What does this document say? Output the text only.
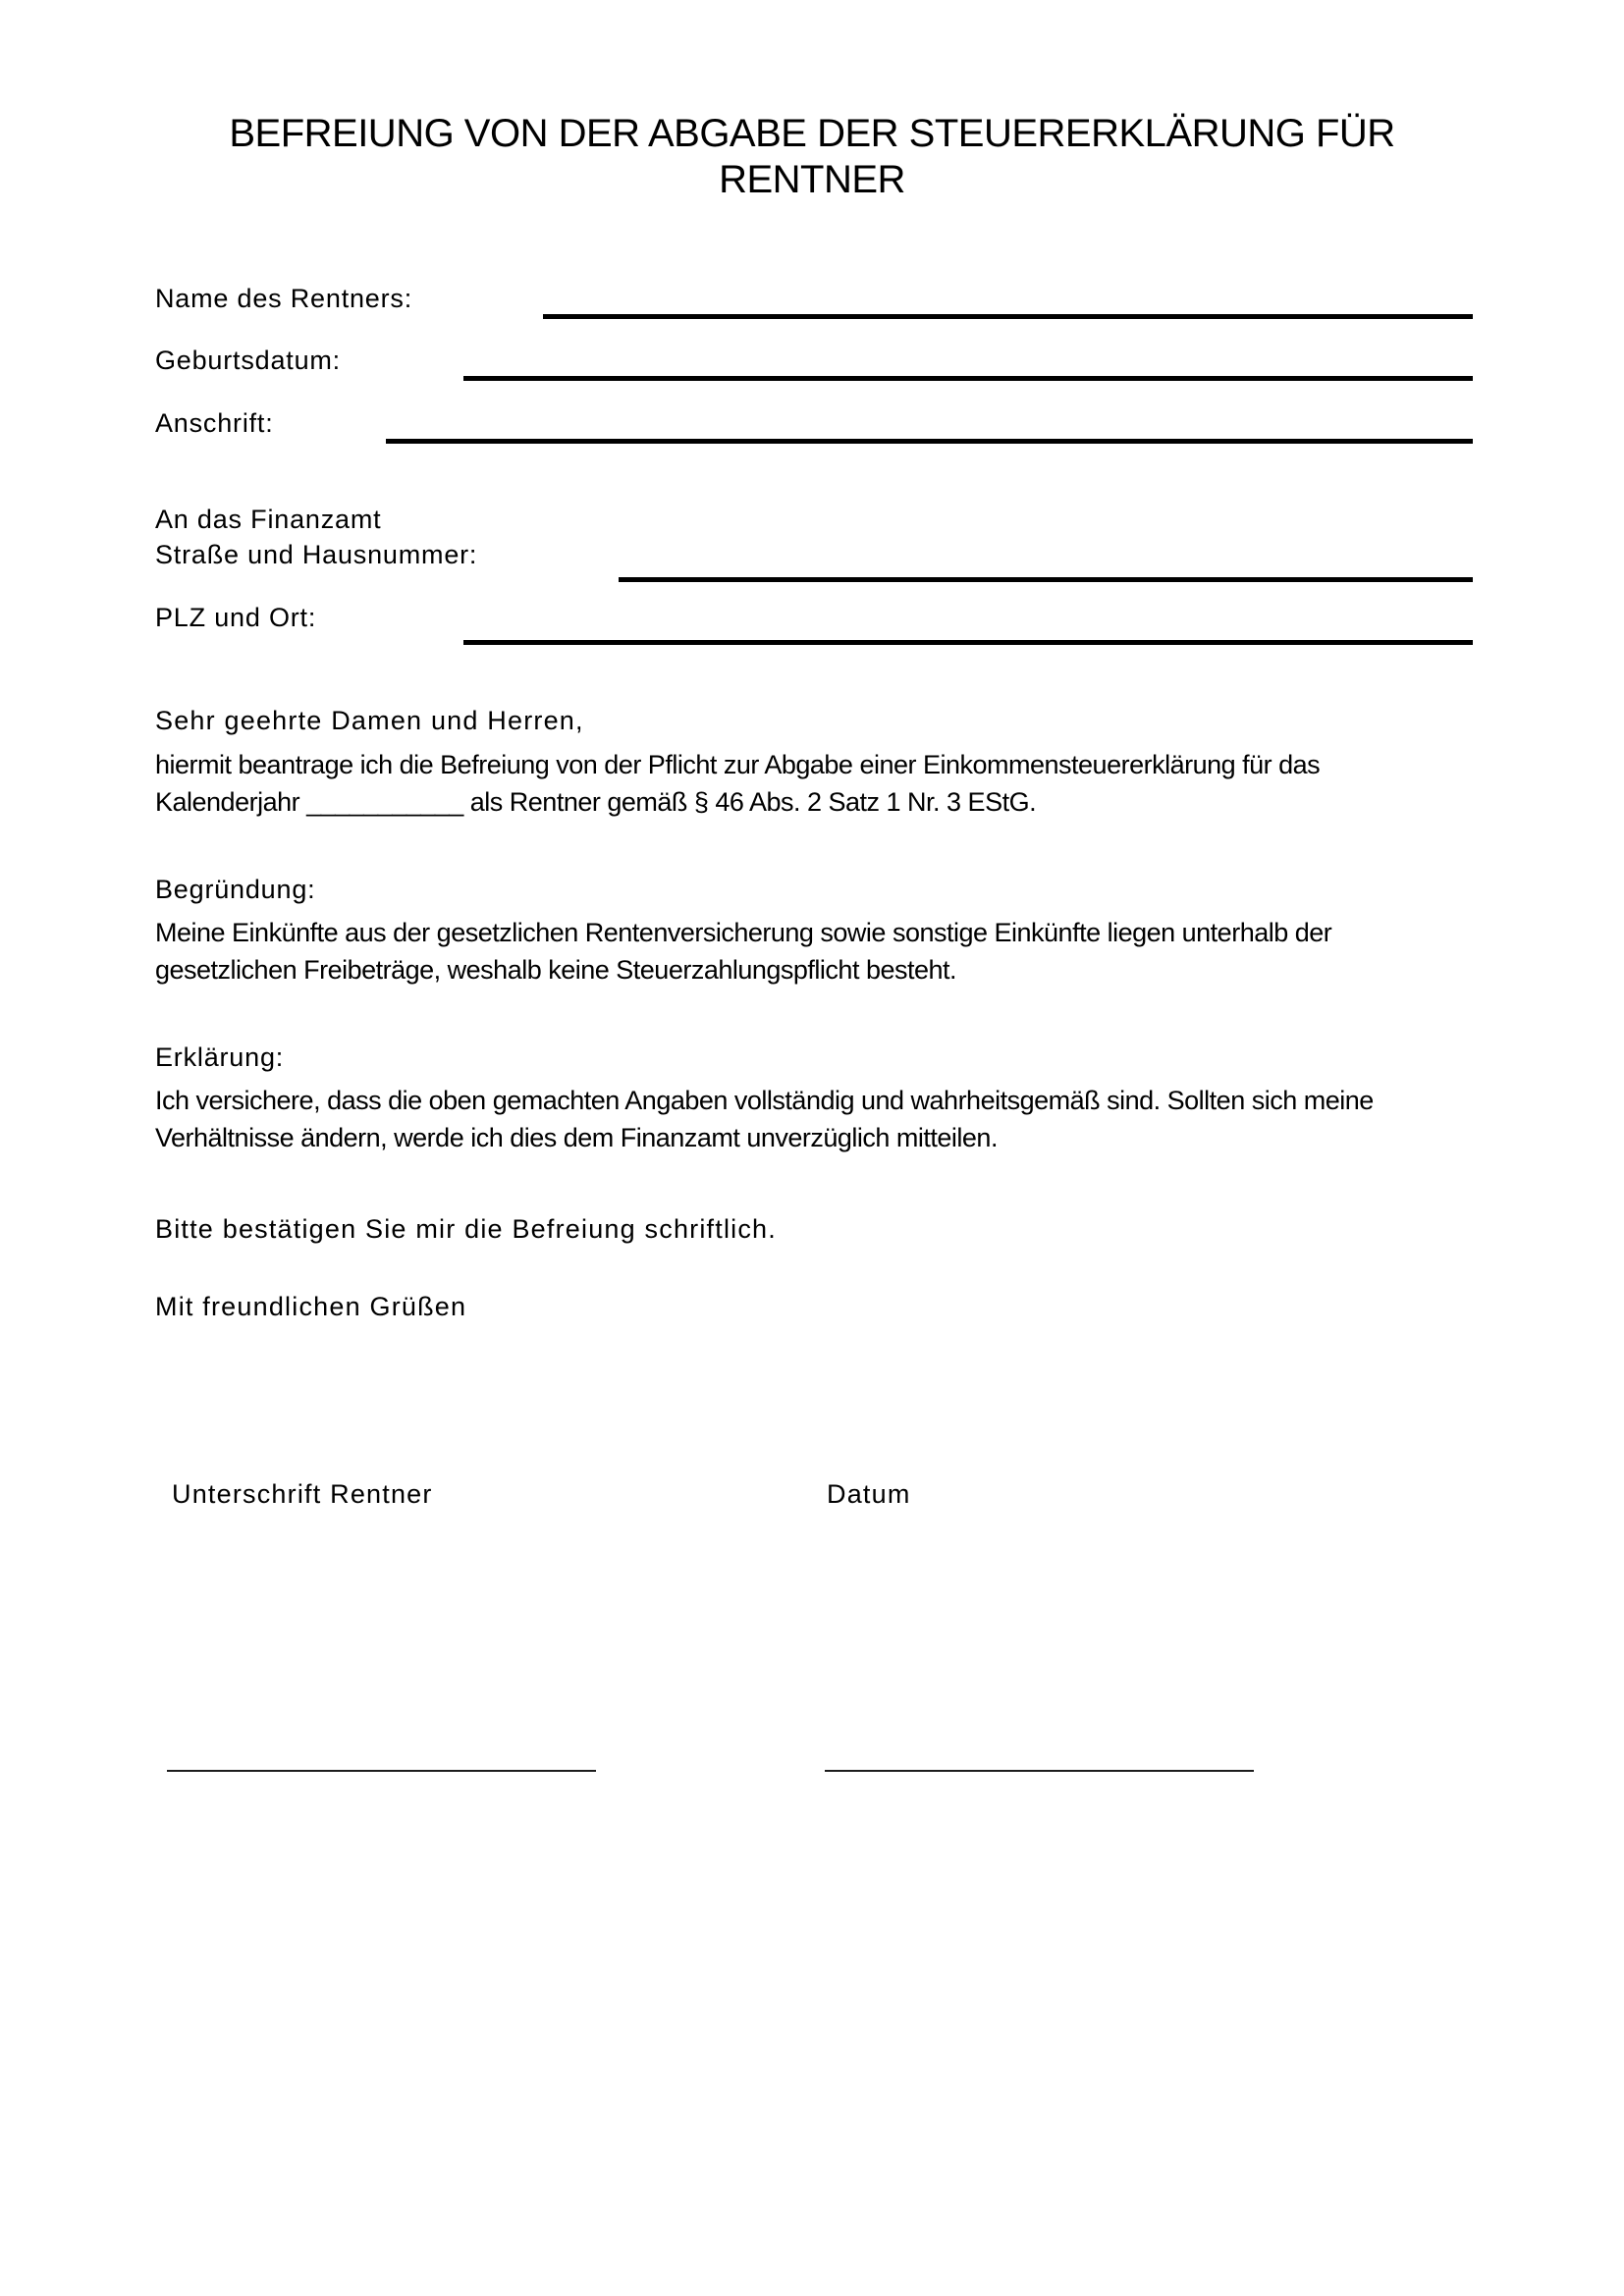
BEFREIUNG VON DER ABGABE DER STEUERERKLÄRUNG FÜR
RENTNER
Name des Rentners:
Geburtsdatum:
Anschrift:
An das Finanzamt
Straße und Hausnummer:
PLZ und Ort:
Sehr geehrte Damen und Herren,
hiermit beantrage ich die Befreiung von der Pflicht zur Abgabe einer Einkommensteuererklärung für das
Kalenderjahr ___________ als Rentner gemäß § 46 Abs. 2 Satz 1 Nr. 3 EStG.
Begründung:
Meine Einkünfte aus der gesetzlichen Rentenversicherung sowie sonstige Einkünfte liegen unterhalb der
gesetzlichen Freibeträge, weshalb keine Steuerzahlungspflicht besteht.
Erklärung:
Ich versichere, dass die oben gemachten Angaben vollständig und wahrheitsgemäß sind. Sollten sich meine
Verhältnisse ändern, werde ich dies dem Finanzamt unverzüglich mitteilen.
Bitte bestätigen Sie mir die Befreiung schriftlich.
Mit freundlichen Grüßen
Unterschrift Rentner	Datum
